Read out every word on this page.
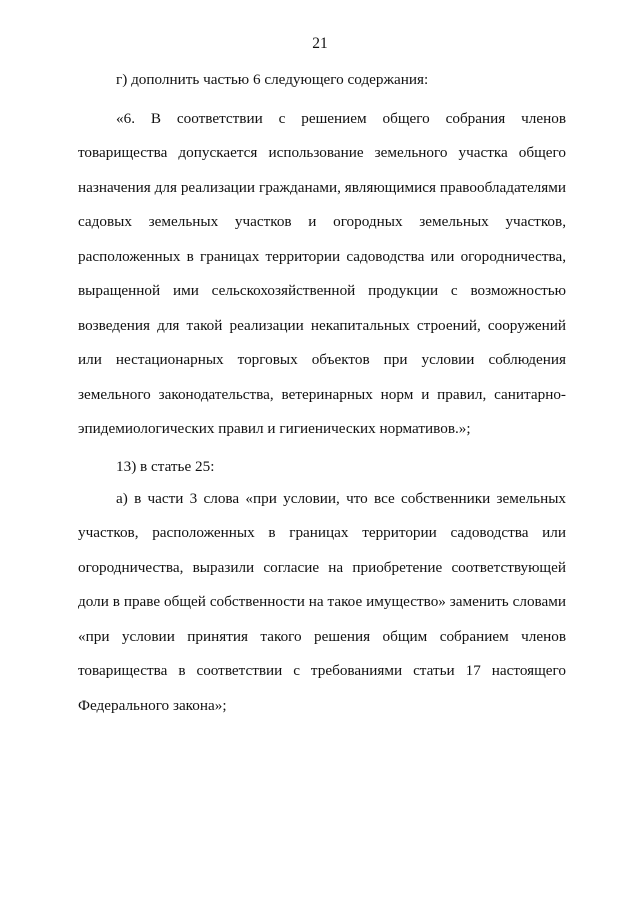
21
г) дополнить частью 6 следующего содержания:
«6. В соответствии с решением общего собрания членов
товарищества допускается использование земельного участка общего
назначения для реализации гражданами, являющимися правообладателями
садовых земельных участков и огородных земельных участков,
расположенных в границах территории садоводства или огородничества,
выращенной ими сельскохозяйственной продукции с возможностью
возведения для такой реализации некапитальных строений, сооружений
или нестационарных торговых объектов при условии соблюдения
земельного законодательства, ветеринарных норм и правил, санитарно-
эпидемиологических правил и гигиенических нормативов.»;
13) в статье 25:
а) в части 3 слова «при условии, что все собственники земельных
участков, расположенных в границах территории садоводства или
огородничества, выразили согласие на приобретение соответствующей
доли в праве общей собственности на такое имущество» заменить словами
«при условии принятия такого решения общим собранием членов
товарищества в соответствии с требованиями статьи 17 настоящего
Федерального закона»;
